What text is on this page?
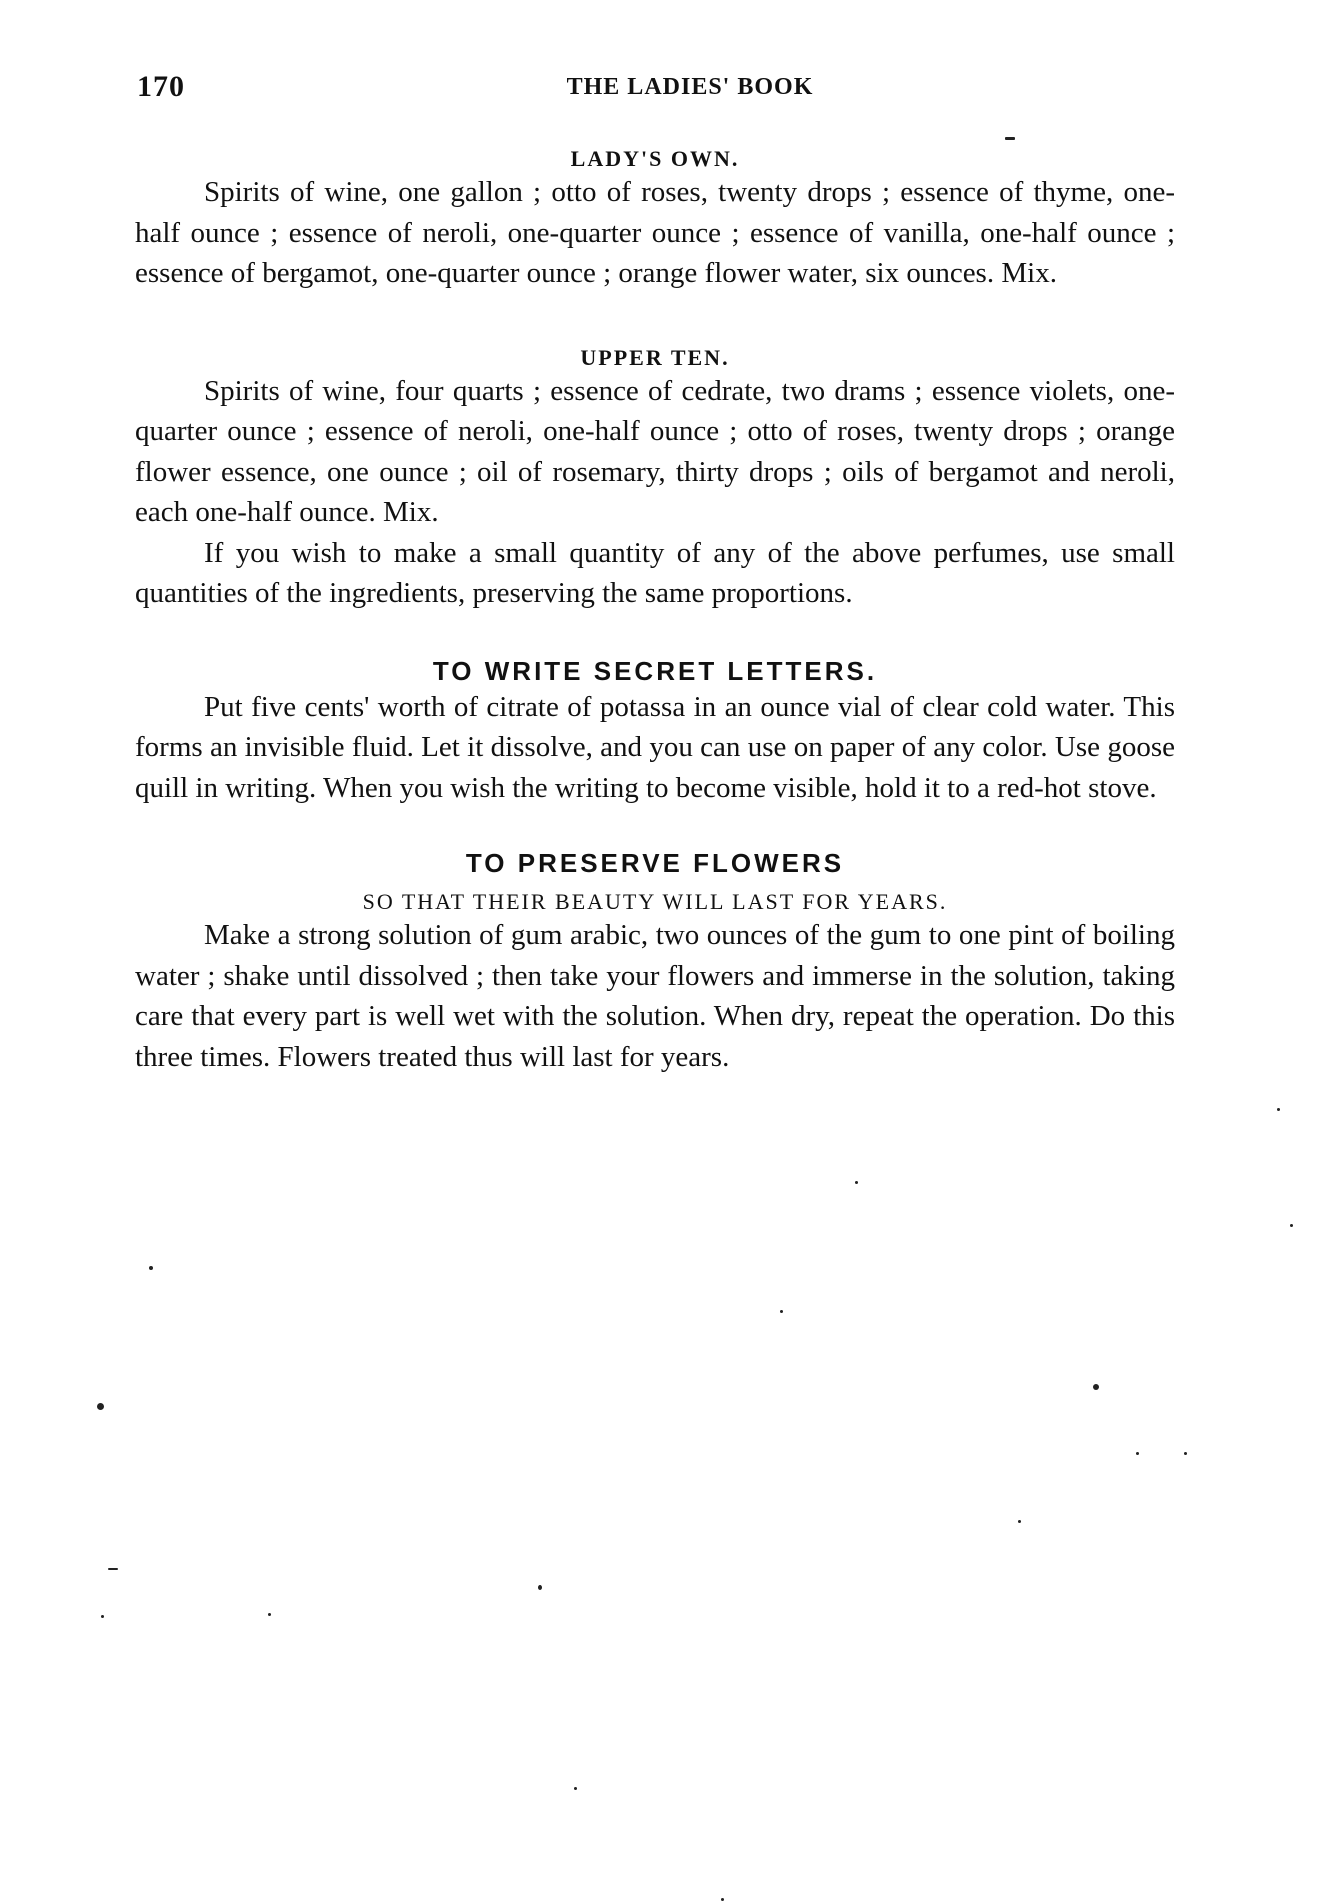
170	THE LADIES' BOOK
LADY'S OWN.

Spirits of wine, one gallon ; otto of roses, twenty drops ; essence of thyme, one-half ounce ; essence of neroli, one-quarter ounce ; essence of vanilla, one-half ounce ; essence of bergamot, one-quarter ounce ; orange flower water, six ounces. Mix.

UPPER TEN.

Spirits of wine, four quarts ; essence of cedrate, two drams ; essence violets, one-quarter ounce ; essence of neroli, one-half ounce ; otto of roses, twenty drops ; orange flower essence, one ounce ; oil of rosemary, thirty drops ; oils of bergamot and neroli, each one-half ounce. Mix.

If you wish to make a small quantity of any of the above perfumes, use small quantities of the ingredients, preserving the same proportions.

TO WRITE SECRET LETTERS.

Put five cents' worth of citrate of potassa in an ounce vial of clear cold water. This forms an invisible fluid. Let it dissolve, and you can use on paper of any color. Use goose quill in writing. When you wish the writing to become visible, hold it to a red-hot stove.

TO PRESERVE FLOWERS
SO THAT THEIR BEAUTY WILL LAST FOR YEARS.

Make a strong solution of gum arabic, two ounces of the gum to one pint of boiling water ; shake until dissolved ; then take your flowers and immerse in the solution, taking care that every part is well wet with the solution. When dry, repeat the operation. Do this three times. Flowers treated thus will last for years.
